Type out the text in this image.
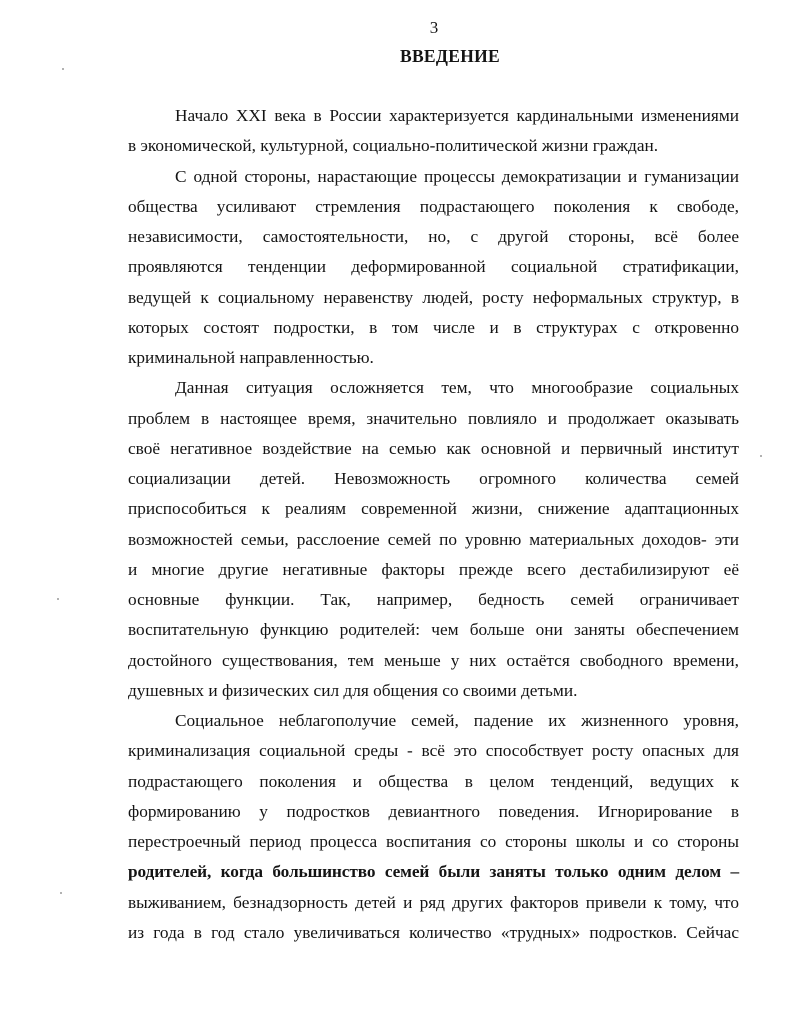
3
ВВЕДЕНИЕ
Начало XXI века в России характеризуется кардинальными изменениями
в экономической, культурной, социально-политической жизни граждан.
С одной стороны, нарастающие процессы демократизации и гуманизации
общества усиливают стремления подрастающего поколения к свободе,
независимости, самостоятельности, но, с другой стороны, всё более
проявляются тенденции деформированной социальной стратификации,
ведущей к социальному неравенству людей, росту неформальных структур, в
которых состоят подростки, в том числе и в структурах с откровенно
криминальной направленностью.
Данная ситуация осложняется тем, что многообразие социальных
проблем в настоящее время, значительно повлияло и продолжает оказывать
своё негативное воздействие на семью как основной и первичный институт
социализации детей. Невозможность огромного количества семей
приспособиться к реалиям современной жизни, снижение адаптационных
возможностей семьи, расслоение семей по уровню материальных доходов- эти
и многие другие негативные факторы прежде всего дестабилизируют её
основные функции. Так, например, бедность семей ограничивает
воспитательную функцию родителей: чем больше они заняты обеспечением
достойного существования, тем меньше у них остаётся свободного времени,
душевных и физических сил для общения со своими детьми.
Социальное неблагополучие семей, падение их жизненного уровня,
криминализация социальной среды - всё это способствует росту опасных для
подрастающего поколения и общества в целом тенденций, ведущих к
формированию у подростков девиантного поведения. Игнорирование в
перестроечный период процесса воспитания со стороны школы и со стороны
родителей, когда большинство семей были заняты только одним делом –
выживанием, безнадзорность детей и ряд других факторов привели к тому, что
из года в год стало увеличиваться количество «трудных» подростков. Сейчас
